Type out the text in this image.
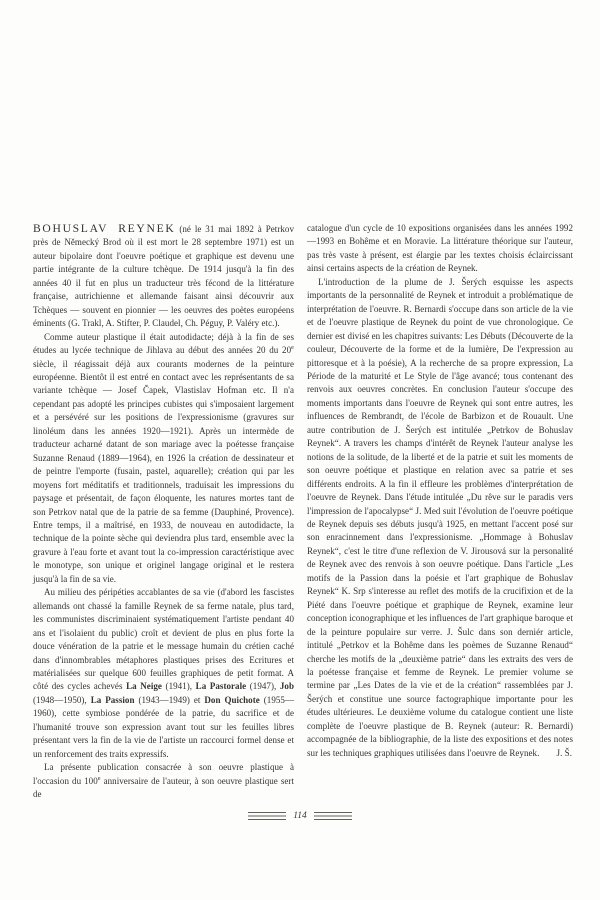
BOHUSLAV REYNEK (né le 31 mai 1892 à Petrkov près de Německý Brod où il est mort le 28 septembre 1971) est un auteur bipolaire dont l'oeuvre poétique et graphique est devenu une partie intégrante de la culture tchèque. De 1914 jusqu'à la fin des années 40 il fut en plus un traducteur très fécond de la littérature française, autrichienne et allemande faisant ainsi découvrir aux Tchèques — souvent en pionnier — les oeuvres des poètes européens éminents (G. Trakl, A. Stifter, P. Claudel, Ch. Péguy, P. Valéry etc.).

Comme auteur plastique il était autodidacte; déjà à la fin de ses études au lycée technique de Jihlava au début des années 20 du 20e siècle, il réagissait déjà aux courants modernes de la peinture européenne. Bientôt il est entré en contact avec les représentants de sa variante tchèque — Josef Čapek, Vlastislav Hofman etc. Il n'a cependant pas adopté les principes cubistes qui s'imposaient largement et a persévéré sur les positions de l'expressionisme (gravures sur linoléum dans les années 1920—1921). Après un intermède de traducteur acharné datant de son mariage avec la poétesse française Suzanne Renaud (1889—1964), en 1926 la création de dessinateur et de peintre l'emporte (fusain, pastel, aquarelle); création qui par les moyens fort méditatifs et traditionnels, traduisait les impressions du paysage et présentait, de façon éloquente, les natures mortes tant de son Petrkov natal que de la patrie de sa femme (Dauphiné, Provence). Entre temps, il a maîtrisé, en 1933, de nouveau en autodidacte, la technique de la pointe sèche qui deviendra plus tard, ensemble avec la gravure à l'eau forte et avant tout la co-impression caractéristique avec le monotype, son unique et originel langage original et le restera jusqu'à la fin de sa vie.

Au milieu des péripéties accablantes de sa vie (d'abord les fascistes allemands ont chassé la famille Reynek de sa ferme natale, plus tard, les communistes discriminaient systématiquement l'artiste pendant 40 ans et l'isolaient du public) croît et devient de plus en plus forte la douce vénération de la patrie et le message humain du crétien caché dans d'innombrables métaphores plastiques prises des Ecritures et matérialisées sur quelque 600 feuilles graphiques de petit format. A côté des cycles achevés La Neige (1941), La Pastorale (1947), Job (1948—1950), La Passion (1943—1949) et Don Quichote (1955—1960), cette symbiose pondérée de la patrie, du sacrifice et de l'humanité trouve son expression avant tout sur les feuilles libres présentant vers la fin de la vie de l'artiste un raccourci formel dense et un renforcement des traits expressifs.

La présente publication consacrée à son oeuvre plastique à l'occasion du 100e anniversaire de l'auteur, à son oeuvre plastique sert de

catalogue d'un cycle de 10 expositions organisées dans les années 1992—1993 en Bohême et en Moravie. La littérature théorique sur l'auteur, pas très vaste à présent, est élargie par les textes choisis éclaircissant ainsi certains aspects de la création de Reynek.

L'introduction de la plume de J. Šerých esquisse les aspects importants de la personnalité de Reynek et introduit a problématique de interprétation de l'oeuvre. R. Bernardi s'occupe dans son article de la vie et de l'oeuvre plastique de Reynek du point de vue chronologique. Ce dernier est divisé en les chapitres suivants: Les Débuts (Découverte de la couleur, Découverte de la forme et de la lumière, De l'expression au pittoresque et à la poésie), A la recherche de sa propre expression, La Période de la maturité et Le Style de l'âge avancé; tous contenant des renvois aux oeuvres concrètes. En conclusion l'auteur s'occupe des moments importants dans l'oeuvre de Reynek qui sont entre autres, les influences de Rembrandt, de l'école de Barbizon et de Rouault. Une autre contribution de J. Šerých est intitulée „Petrkov de Bohuslav Reynek“. A travers les champs d'intérêt de Reynek l'auteur analyse les notions de la solitude, de la liberté et de la patrie et suit les moments de son oeuvre poétique et plastique en relation avec sa patrie et ses différents endroits. A la fin il effleure les problèmes d'interprétation de l'oeuvre de Reynek. Dans l'étude intitulée „Du rêve sur le paradis vers l'impression de l'apocalypse“ J. Med suit l'évolution de l'oeuvre poétique de Reynek depuis ses débuts jusqu'à 1925, en mettant l'accent posé sur son enracinnement dans l'expressionisme. „Hommage à Bohuslav Reynek“, c'est le titre d'une reflexion de V. Jirousová sur la personalité de Reynek avec des renvois à son oeuvre poétique. Dans l'article „Les motifs de la Passion dans la poésie et l'art graphique de Bohuslav Reynek“ K. Srp s'interesse au reflet des motifs de la crucifixion et de la Piété dans l'oeuvre poétique et graphique de Reynek, examine leur conception iconographique et les influences de l'art graphique baroque et de la peinture populaire sur verre. J. Šulc dans son derniér article, intitulé „Petrkov et la Bohême dans les poèmes de Suzanne Renaud“ cherche les motifs de la „deuxième patrie“ dans les extraits des vers de la poétesse française et femme de Reynek. Le premier volume se termine par „Les Dates de la vie et de la création“ rassemblées par J. Šerých et constitue une source factographique importante pour les études ultérieures. Le deuxième volume du catalogue contient une liste complète de l'oeuvre plastique de B. Reynek (auteur: R. Bernardi) accompagnée de la bibliographie, de la liste des expositions et des notes sur les techniques graphiques utilisées dans l'oeuvre de Reynek.	J. Š.
114
